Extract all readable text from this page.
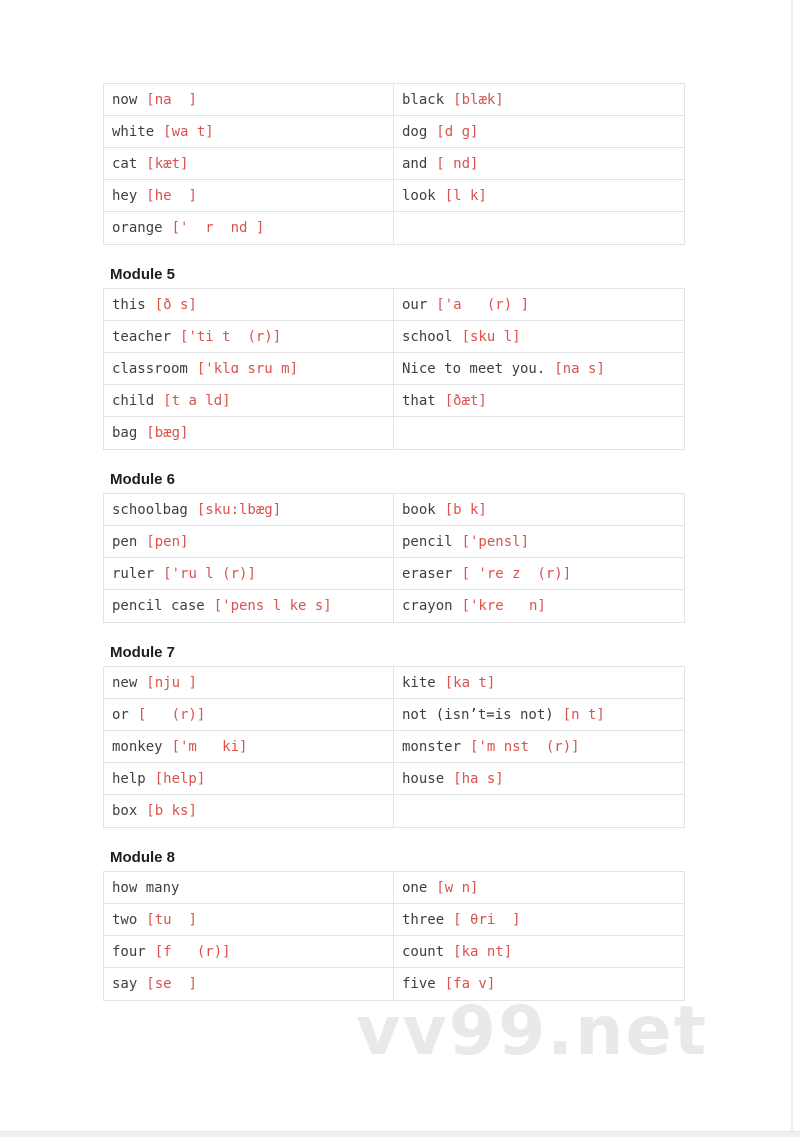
now [na  ]	black [blæk]
white [wa t]	dog [d g]
cat [kæt]	and [ nd]
hey [he  ]	look [l k]
orange ['  r  nd ]
Module 5
this [ð s]	our ['a   (r) ]
teacher ['ti t  (r)]	school [sku l]
classroom ['klɑ sru m]	Nice to meet you. [na s]
child [t a ld]	that [ðæt]
bag [bæg]
Module 6
schoolbag [sku:lbæg]	book [b k]
pen [pen]	pencil ['pensl]
ruler ['ru l (r)]	eraser [ 're z  (r)]
pencil case ['pens l ke s]	crayon ['kre   n]
Module 7
new [nju ]	kite [ka t]
or [   (r)]	not (isn’t=is not) [n t]
monkey ['m   ki]	monster ['m nst  (r)]
help [help]	house [ha s]
box [b ks]
Module 8
how many	one [w n]
two [tu  ]	three [ θri  ]
four [f   (r)]	count [ka nt]
say [se  ]	five [fa v]
vv99.net
